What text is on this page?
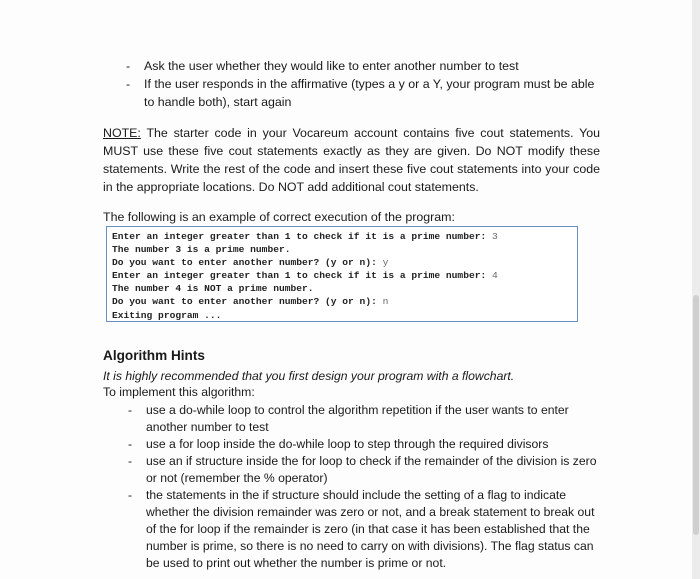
- Ask the user whether they would like to enter another number to test
- If the user responds in the affirmative (types a y or a Y, your program must be able to handle both), start again
NOTE: The starter code in your Vocareum account contains five cout statements. You MUST use these five cout statements exactly as they are given. Do NOT modify these statements. Write the rest of the code and insert these five cout statements into your code in the appropriate locations. Do NOT add additional cout statements.
The following is an example of correct execution of the program:
Enter an integer greater than 1 to check if it is a prime number: 3
The number 3 is a prime number.
Do you want to enter another number? (y or n): y
Enter an integer greater than 1 to check if it is a prime number: 4
The number 4 is NOT a prime number.
Do you want to enter another number? (y or n): n
Exiting program ...
Algorithm Hints
It is highly recommended that you first design your program with a flowchart.
To implement this algorithm:
- use a do-while loop to control the algorithm repetition if the user wants to enter another number to test
- use a for loop inside the do-while loop to step through the required divisors
- use an if structure inside the for loop to check if the remainder of the division is zero or not (remember the % operator)
- the statements in the if structure should include the setting of a flag to indicate whether the division remainder was zero or not, and a break statement to break out of the for loop if the remainder is zero (in that case it has been established that the number is prime, so there is no need to carry on with divisions). The flag status can be used to print out whether the number is prime or not.
